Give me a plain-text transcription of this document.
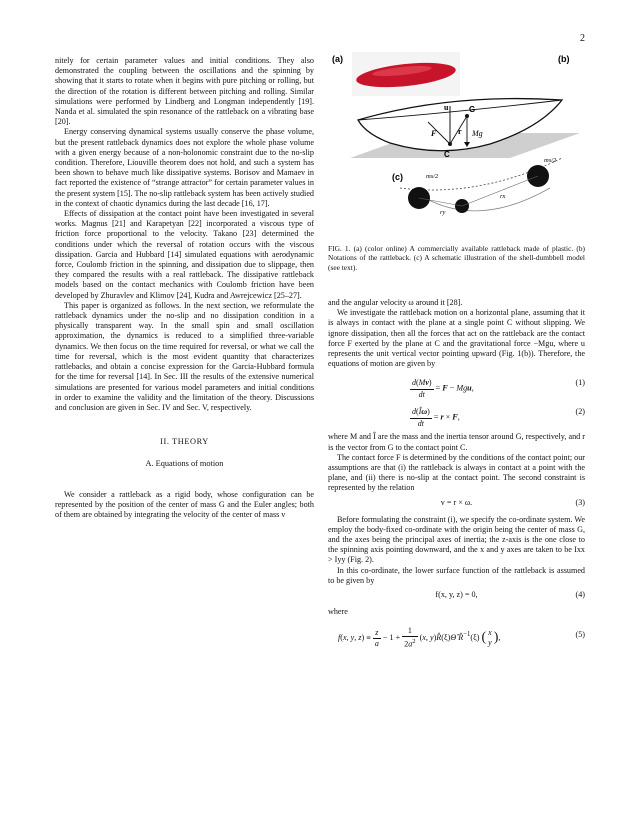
2

nitely for certain parameter values and initial conditions. They also demonstrated the coupling between the oscillations and the spinning by showing that it starts to rotate when it begins with pure pitching or rolling, but the direction of the rotation is different between pitching and rolling. Similar simulations were performed by Lindberg and Longman independently [19]. Nanda et al. simulated the spin resonance of the rattleback on a vibrating base [20].

Energy conserving dynamical systems usually conserve the phase volume, but the present rattleback dynamics does not explore the whole phase volume with a given energy because of a non-holonomic constraint due to the no-slip condition. Therefore, Liouville theorem does not hold, and such a system has been shown to behave much like dissipative systems. Borisov and Mamaev in fact reported the existence of “strange attractor” for certain parameter values in the present system [15]. The no-slip rattleback system has been actively studied in the context of chaotic dynamics during the last decade [16, 17].

Effects of dissipation at the contact point have been investigated in several works. Magnus [21] and Karapetyan [22] incorporated a viscous type of friction force proportional to the velocity. Takano [23] determined the conditions under which the reversal of rotation occurs with the viscous dissipation. Garcia and Hubbard [14] simulated equations with aerodynamic force, Coulomb friction in the spinning, and dissipation due to slippage, then they compared the results with a real rattleback. The dissipative rattleback models based on the contact mechanics with Coulomb friction have been developed by Zhuravlev and Klimov [24], Kudra and Awrejcewicz [25–27].

This paper is organized as follows. In the next section, we reformulate the rattleback dynamics under the no-slip and no dissipation condition in a physically transparent way. In the small spin and small oscillation approximation, the dynamics is reduced to a simplified three-variable dynamics. We then focus on the time required for reversal, or what we call the time for reversal, which is the most evident quantity that characterizes rattlebacks, and obtain a concise expression for the Garcia-Hubbard formula for the time for reversal [14]. In Sec. III the results of the extensive numerical simulations are presented for various model parameters and initial conditions in order to examine the validity and the limitation of the theory. Discussions and conclusion are given in Sec. IV and Sec. V, respectively.

II. THEORY
A. Equations of motion

We consider a rattleback as a rigid body, whose configuration can be represented by the position of the center of mass G and the Euler angles; both of them are obtained by integrating the velocity of the center of mass v

(a)	(b)
u	G
F	r Mg
C
(c)	ms/2
ms/2
ry
rx
FIG. 1. (a) (color online) A commercially available rattleback made of plastic. (b) Notations of the rattleback. (c) A schematic illustration of the shell-dumbbell model (see text).

and the angular velocity ω around it [28].

We investigate the rattleback motion on a horizontal plane, assuming that it is always in contact with the plane at a single point C without slipping. We ignore dissipation, then all the forces that act on the rattleback are the contact force F exerted by the plane at C and the gravitational force −Mgu, where u represents the unit vertical vector pointing upward (Fig. 1(b)). Therefore, the equations of motion are given by

$\frac{d(Mv)}{dt} = F$ − Mgu,
(1)
$\frac{d(Î\omega)}{dt} = r \times F$,
(2)

where M and Î are the mass and the inertia tensor around G, respectively, and r is the vector from G to the contact point C.

The contact force F is determined by the conditions of the contact point; our assumptions are that (i) the rattleback is always in contact at a point with the plane, and (ii) there is no-slip at the contact point. The second constraint is represented by the relation

v = r × ω.	(3)

Before formulating the constraint (i), we specify the co-ordinate system. We employ the body-fixed co-ordinate with the origin being the center of mass G, and the axes being the principal axes of inertia; the z-axis is the one close to the spinning axis pointing downward, and the x and y axes are taken to be Ixx > Iyy (Fig. 2).

In this co-ordinate, the lower surface function of the rattleback is assumed to be given by

f(x, y, z) = 0,	(4)

where

f(x, y, $z) \equiv \frac{z}{a} - 1 + \frac{1}{2a^2} (x$, y)R̂(ξ)Θ̂ R̂$^{-1}$(ξ) ( x
y ),	(5)
